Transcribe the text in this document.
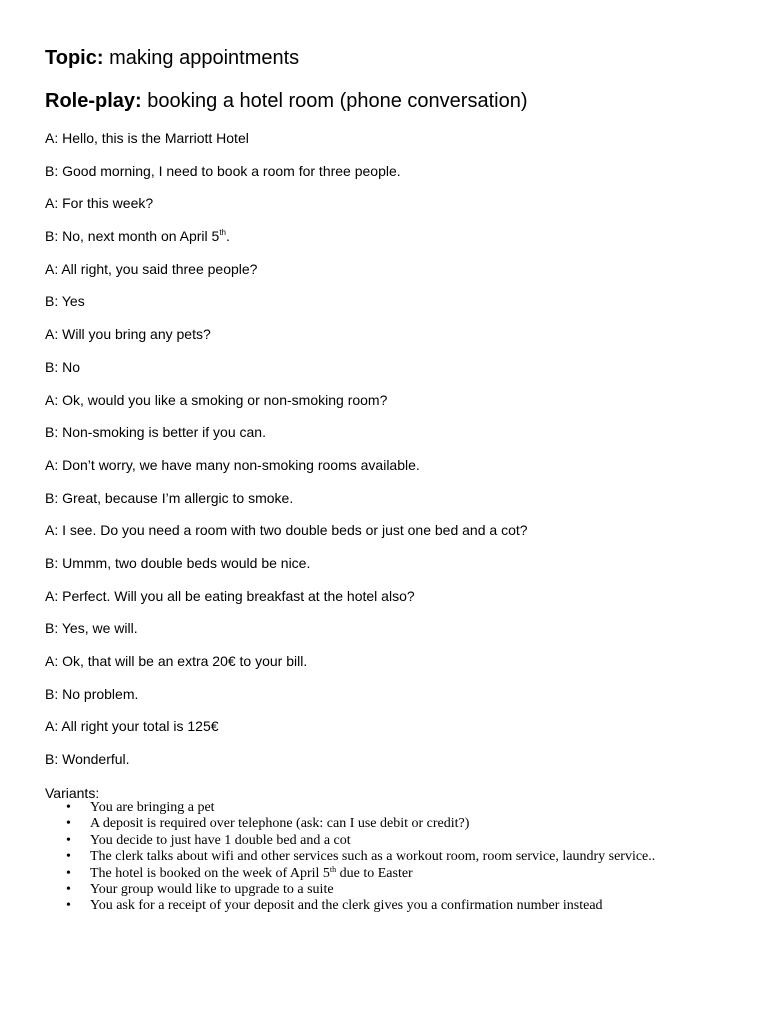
Topic: making appointments
Role-play: booking a hotel room (phone conversation)
A: Hello, this is the Marriott Hotel
B: Good morning, I need to book a room for three people.
A: For this week?
B: No, next month on April 5th.
A: All right, you said three people?
B: Yes
A: Will you bring any pets?
B: No
A: Ok, would you like a smoking or non-smoking room?
B: Non-smoking is better if you can.
A: Don’t worry, we have many non-smoking rooms available.
B: Great, because I’m allergic to smoke.
A: I see. Do you need a room with two double beds or just one bed and a cot?
B: Ummm, two double beds would be nice.
A: Perfect. Will you all be eating breakfast at the hotel also?
B: Yes, we will.
A: Ok, that will be an extra 20€ to your bill.
B: No problem.
A: All right your total is 125€
B: Wonderful.
Variants:
• You are bringing a pet
• A deposit is required over telephone (ask: can I use debit or credit?)
• You decide to just have 1 double bed and a cot
• The clerk talks about wifi and other services such as a workout room, room service, laundry service..
• The hotel is booked on the week of April 5th due to Easter
• Your group would like to upgrade to a suite
• You ask for a receipt of your deposit and the clerk gives you a confirmation number instead
